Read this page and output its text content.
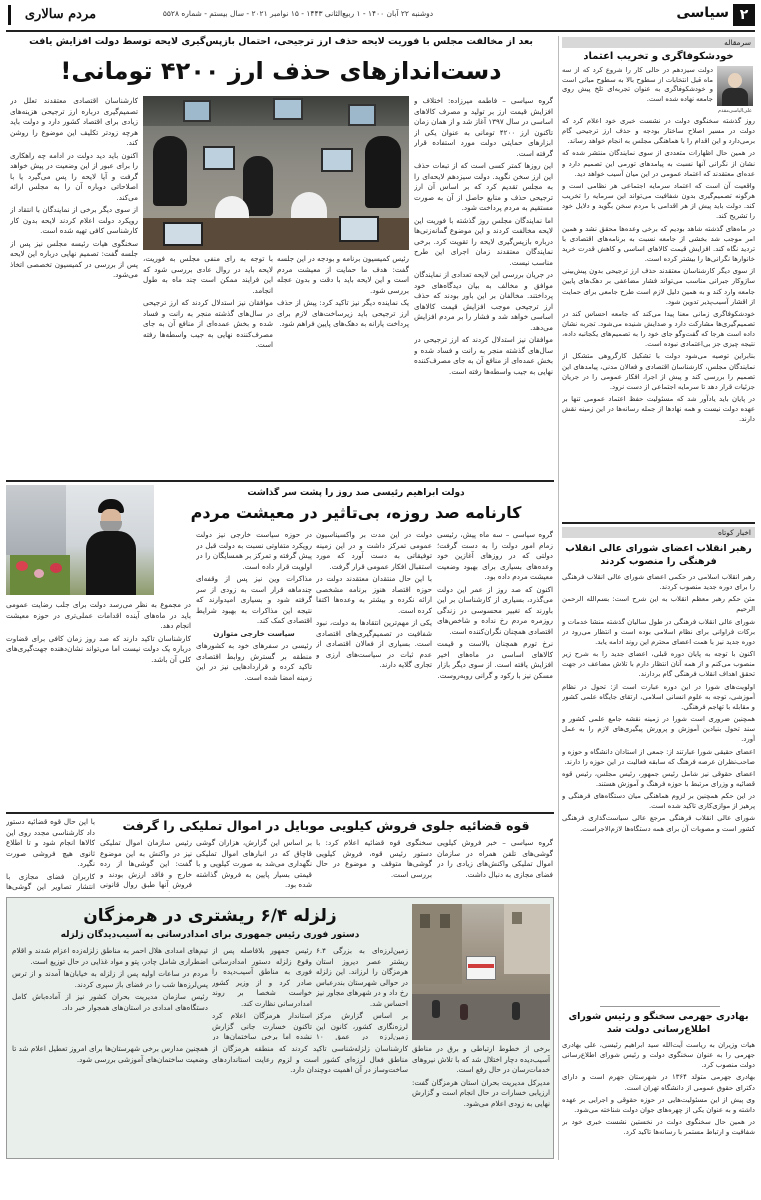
۲
سیاسی
دوشنبه ۲۲ آبان ۱۴۰۰ - ۱ ربیع‌الثانی ۱۴۴۳ - ۱۵ نوامبر ۲۰۲۱ - سال بیستم - شماره ۵۵۲۸
مردم سالاری
سرمقاله
خودشکوفاگری و تخریب اعتماد
علی‌الیاسی‌مقدم
دولت سیزدهم در حالی کار را شروع کرد که از سه ماه قبل انتخابات از سطوح بالا به سطوح میانی است و خودشکوفاگری به عنوان تجربه‌ای تلخ پیش روی جامعه نهاده شده است.

روز گذشته سخنگوی دولت در نشست خبری خود اعلام کرد که دولت در مسیر اصلاح ساختار بودجه و حذف ارز ترجیحی گام برمی‌دارد و این اقدام را با هماهنگی مجلس به انجام خواهد رساند.

در همین حال اظهارات متعددی از سوی نمایندگان منتشر شده که نشان از نگرانی آنها نسبت به پیامدهای تورمی این تصمیم دارد و عده‌ای معتقدند که اعتماد عمومی در این میان آسیب خواهد دید.

واقعیت آن است که اعتماد سرمایه اجتماعی هر نظامی است و هرگونه تصمیم‌گیری بدون شفافیت می‌تواند این سرمایه را تخریب کند. دولت باید پیش از هر اقدامی با مردم سخن بگوید و دلایل خود را تشریح کند.

در ماه‌های گذشته شاهد بودیم که برخی وعده‌ها محقق نشد و همین امر موجب شد بخشی از جامعه نسبت به برنامه‌های اقتصادی با تردید نگاه کند. افزایش قیمت کالاهای اساسی و کاهش قدرت خرید خانوارها نگرانی‌ها را بیشتر کرده است.

از سوی دیگر کارشناسان معتقدند حذف ارز ترجیحی بدون پیش‌بینی سازوکار جبرانی مناسب می‌تواند فشار مضاعفی بر دهک‌های پایین جامعه وارد کند و به همین دلیل لازم است طرح جامعی برای حمایت از اقشار آسیب‌پذیر تدوین شود.

خودشکوفاگری زمانی معنا پیدا می‌کند که جامعه احساس کند در تصمیم‌گیری‌ها مشارکت دارد و صدایش شنیده می‌شود. تجربه نشان داده است هرجا که گفت‌وگو جای خود را به تصمیم‌های یکجانبه داده، نتیجه چیزی جز بی‌اعتمادی نبوده است.

بنابراین توصیه می‌شود دولت با تشکیل کارگروهی متشکل از نمایندگان مجلس، کارشناسان اقتصادی و فعالان مدنی، پیامدهای این تصمیم را بررسی کند و پیش از اجرا، افکار عمومی را در جریان جزئیات قرار دهد تا سرمایه اجتماعی از دست نرود.

در پایان باید یادآور شد که مسئولیت حفظ اعتماد عمومی تنها بر عهده دولت نیست و همه نهادها از جمله رسانه‌ها در این زمینه نقش دارند.

بعد از مخالفت مجلس با فوریت لایحه حذف ارز ترجیحی، احتمال بازپس‌گیری لایحه توسط دولت افزایش یافت
دست‌اندازهای حذف ارز ۴۲۰۰ تومانی!

گروه سیاسی – فاطمه میرزاده: اختلاف و افزایش قیمت ارز بر تولید و مصرف کالاهای اساسی در سال ۱۳۹۷ آغاز شد و از همان زمان تاکنون ارز ۴۲۰۰ تومانی به عنوان یکی از ابزارهای حمایتی دولت مورد استفاده قرار گرفته است.

این روزها کمتر کسی است که از تبعات حذف این ارز سخن نگوید. دولت سیزدهم لایحه‌ای را به مجلس تقدیم کرد که بر اساس آن ارز ترجیحی حذف و منابع حاصل از آن به صورت مستقیم به مردم پرداخت شود.

اما نمایندگان مجلس روز گذشته با فوریت این لایحه مخالفت کردند و این موضوع گمانه‌زنی‌ها درباره بازپس‌گیری لایحه را تقویت کرد. برخی نمایندگان معتقدند زمان اجرای این طرح مناسب نیست.

در جریان بررسی این لایحه تعدادی از نمایندگان موافق و مخالف به بیان دیدگاه‌های خود پرداختند. مخالفان بر این باور بودند که حذف ارز ترجیحی موجب افزایش قیمت کالاهای اساسی خواهد شد و فشار را بر مردم افزایش می‌دهد.

موافقان نیز استدلال کردند که ارز ترجیحی در سال‌های گذشته منجر به رانت و فساد شده و بخش عمده‌ای از منافع آن به جای مصرف‌کننده نهایی به جیب واسطه‌ها رفته است.

کارشناسان اقتصادی معتقدند تعلل در تصمیم‌گیری درباره ارز ترجیحی هزینه‌های زیادی برای اقتصاد کشور دارد و دولت باید هرچه زودتر تکلیف این موضوع را روشن کند.

اکنون باید دید دولت در ادامه چه راهکاری را برای عبور از این وضعیت در پیش خواهد گرفت و آیا لایحه را پس می‌گیرد یا با اصلاحاتی دوباره آن را به مجلس ارائه می‌کند.

از سوی دیگر برخی از نمایندگان با انتقاد از رویکرد دولت اعلام کردند لایحه بدون کار کارشناسی کافی تهیه شده است.

سخنگوی هیات رئیسه مجلس نیز پس از جلسه گفت: تصمیم نهایی درباره این لایحه پس از بررسی در کمیسیون تخصصی اتخاذ می‌شود.

رئیس کمیسیون برنامه و بودجه در این جلسه گفت: هدف ما حمایت از معیشت مردم است و این لایحه باید با دقت و بدون عجله بررسی شود.

یک نماینده دیگر نیز تاکید کرد: پیش از حذف ارز ترجیحی باید زیرساخت‌های لازم برای پرداخت یارانه به دهک‌های پایین فراهم شود.

با توجه به رای منفی مجلس به فوریت، لایحه باید در روال عادی بررسی شود که این فرایند ممکن است چند ماه به طول انجامد.

موافقان نیز استدلال کردند که ارز ترجیحی در سال‌های گذشته منجر به رانت و فساد شده و بخش عمده‌ای از منافع آن به جای مصرف‌کننده نهایی به جیب واسطه‌ها رفته است.

دولت ابراهیم رئیسی صد روز را پشت سر گذاشت
کارنامه صد روزه، بی‌تاثیر در معیشت مردم

گروه سیاسی – سه ماه پیش، رئیسی زمام امور دولت را به دست گرفت؛ دولتی که در روزهای آغازین خود وعده‌های بسیاری برای بهبود وضعیت معیشت مردم داده بود.

اکنون که صد روز از عمر این دولت می‌گذرد، بسیاری از کارشناسان بر این باورند که تغییر محسوسی در زندگی روزمره مردم رخ نداده و شاخص‌های اقتصادی همچنان نگران‌کننده است.

نرخ تورم همچنان بالاست و قیمت کالاهای اساسی در ماه‌های اخیر افزایش یافته است. از سوی دیگر بازار مسکن نیز با رکود و گرانی روبه‌روست.

دولت در این مدت بر واکسیناسیون عمومی تمرکز داشت و در این زمینه توفیقاتی به دست آورد که مورد استقبال افکار عمومی قرار گرفت.

با این حال منتقدان معتقدند دولت در حوزه اقتصاد هنوز برنامه مشخصی ارائه نکرده و بیشتر به وعده‌ها اکتفا کرده است.

یکی از مهم‌ترین انتقادها به دولت، نبود شفافیت در تصمیم‌گیری‌های اقتصادی است. بسیاری از فعالان اقتصادی از عدم ثبات در سیاست‌های ارزی و تجاری گلایه دارند.

در حوزه سیاست خارجی نیز دولت رویکرد متفاوتی نسبت به دولت قبل در پیش گرفته و تمرکز بر همسایگان را در اولویت قرار داده است.

مذاکرات وین نیز پس از وقفه‌ای چندماهه قرار است به زودی از سر گرفته شود و بسیاری امیدوارند که نتیجه این مذاکرات به بهبود شرایط اقتصادی کمک کند.

سیاست خارجی متوازن

رئیسی در سفرهای خود به کشورهای منطقه بر گسترش روابط اقتصادی تاکید کرده و قراردادهایی نیز در این زمینه امضا شده است.

در مجموع به نظر می‌رسد دولت برای جلب رضایت عمومی باید در ماه‌های آینده اقدامات عملی‌تری در حوزه معیشت انجام دهد.

کارشناسان تاکید دارند که صد روز زمان کافی برای قضاوت درباره یک دولت نیست اما می‌تواند نشان‌دهنده جهت‌گیری‌های کلی آن باشد.

قوه قضائیه جلوی فروش کیلویی موبایل در اموال تملیکی را گرفت

گروه سیاسی – خبر فروش کیلویی گوشی‌های تلفن همراه در سازمان اموال تملیکی واکنش‌های زیادی را در فضای مجازی به دنبال داشت.

سخنگوی قوه قضائیه اعلام کرد: با دستور رئیس قوه، فروش کیلویی گوشی‌ها متوقف و موضوع در حال بررسی است.

بر اساس این گزارش، هزاران گوشی قاچاق که در انبارهای اموال تملیکی نگهداری می‌شد به صورت کیلویی و با قیمتی بسیار پایین به فروش گذاشته شده بود.

رئیس سازمان اموال تملیکی نیز در واکنش به این موضوع گفت: این گوشی‌ها از رده خارج و فاقد ارزش بودند و فروش آنها طبق روال قانونی

با این حال قوه قضائیه دستور داد کارشناسی مجدد روی این کالاها انجام شود و تا اطلاع ثانوی هیچ فروشی صورت نگیرد.

کاربران فضای مجازی با انتشار تصاویر این گوشی‌ها

زلزله ۶/۴ ریشتری در هرمزگان
دستور فوری رئیس جمهوری برای امدادرسانی به آسیب‌دیدگان زلزله

زمین‌لرزه‌ای به بزرگی ۶.۴ ریشتر عصر دیروز استان هرمزگان را لرزاند. این زلزله در حوالی شهرستان بندرعباس رخ داد و در شهرهای مجاور نیز احساس شد.

بر اساس گزارش مرکز لرزه‌نگاری کشور، کانون این زمین‌لرزه در عمق ۱۰

رئیس جمهور بلافاصله پس از وقوع زلزله دستور امدادرسانی فوری به مناطق آسیب‌دیده را صادر کرد و از وزیر کشور خواست شخصا بر روند امدادرسانی نظارت کند.

استاندار هرمزگان اعلام کرد تاکنون خسارت جانی گزارش نشده اما برخی ساختمان‌ها در

تیم‌های امدادی هلال احمر به مناطق زلزله‌زده اعزام شدند و اقلام اضطراری شامل چادر، پتو و مواد غذایی در حال توزیع است.

مردم در ساعات اولیه پس از زلزله به خیابان‌ها آمدند و از ترس پس‌لرزه‌ها شب را در فضای باز سپری کردند.

رئیس سازمان مدیریت بحران کشور نیز از آماده‌باش کامل دستگاه‌های امدادی در استان‌های همجوار خبر داد.

برخی از خطوط ارتباطی و برق در مناطق آسیب‌دیده دچار اختلال شد که با تلاش نیروهای خدمات‌رسان در حال رفع است.

مدیرکل مدیریت بحران استان هرمزگان گفت: ارزیابی خسارات در حال انجام است و گزارش نهایی به زودی اعلام می‌شود.

کارشناسان زلزله‌شناسی تاکید کردند که منطقه هرمزگان از مناطق فعال لرزه‌ای کشور است و لزوم رعایت استانداردهای ساخت‌وساز در آن اهمیت دوچندان دارد.

همچنین مدارس برخی شهرستان‌ها برای امروز تعطیل اعلام شد تا وضعیت ساختمان‌های آموزشی بررسی شود.

اخبار کوتاه
رهبر انقلاب اعضای شورای عالی انقلاب فرهنگی را منصوب کردند

رهبر انقلاب اسلامی در حکمی اعضای شورای عالی انقلاب فرهنگی را برای دوره جدید منصوب کردند.

متن حکم رهبر معظم انقلاب به این شرح است: بسم‌الله الرحمن الرحیم

شورای عالی انقلاب فرهنگی در طول سالیان گذشته منشا خدمات و برکات فراوانی برای نظام اسلامی بوده است و انتظار می‌رود در دوره جدید نیز با همت اعضای محترم این روند ادامه یابد.

اکنون با توجه به پایان دوره قبلی، اعضای جدید را به شرح زیر منصوب می‌کنم و از همه آنان انتظار دارم با تلاش مضاعف در جهت تحقق اهداف انقلاب فرهنگی گام بردارند.

اولویت‌های شورا در این دوره عبارت است از: تحول در نظام آموزشی، توجه به علوم انسانی اسلامی، ارتقای جایگاه علمی کشور و مقابله با تهاجم فرهنگی.

همچنین ضروری است شورا در زمینه نقشه جامع علمی کشور و سند تحول بنیادین آموزش و پرورش پیگیری‌های لازم را به عمل آورد.

اعضای حقیقی شورا عبارتند از: جمعی از استادان دانشگاه و حوزه و صاحب‌نظران عرصه فرهنگ که سابقه فعالیت در این حوزه را دارند.

اعضای حقوقی نیز شامل رئیس جمهور، رئیس مجلس، رئیس قوه قضائیه و وزرای مرتبط با حوزه فرهنگ و آموزش هستند.

در این حکم همچنین بر لزوم هماهنگی میان دستگاه‌های فرهنگی و پرهیز از موازی‌کاری تاکید شده است.

شورای عالی انقلاب فرهنگی مرجع عالی سیاست‌گذاری فرهنگی کشور است و مصوبات آن برای همه دستگاه‌ها لازم‌الاجراست.

بهادری جهرمی سخنگو و رئیس شورای اطلاع‌رسانی دولت شد

هیات وزیران به ریاست آیت‌الله سید ابراهیم رئیسی، علی بهادری جهرمی را به عنوان سخنگوی دولت و رئیس شورای اطلاع‌رسانی دولت منصوب کرد.

بهادری جهرمی متولد ۱۳۶۴ در شهرستان جهرم است و دارای دکترای حقوق عمومی از دانشگاه تهران است.

وی پیش از این مسئولیت‌هایی در حوزه حقوقی و اجرایی بر عهده داشته و به عنوان یکی از چهره‌های جوان دولت شناخته می‌شود.

در همین حال سخنگوی دولت در نخستین نشست خبری خود بر شفافیت و ارتباط مستمر با رسانه‌ها تاکید کرد.
